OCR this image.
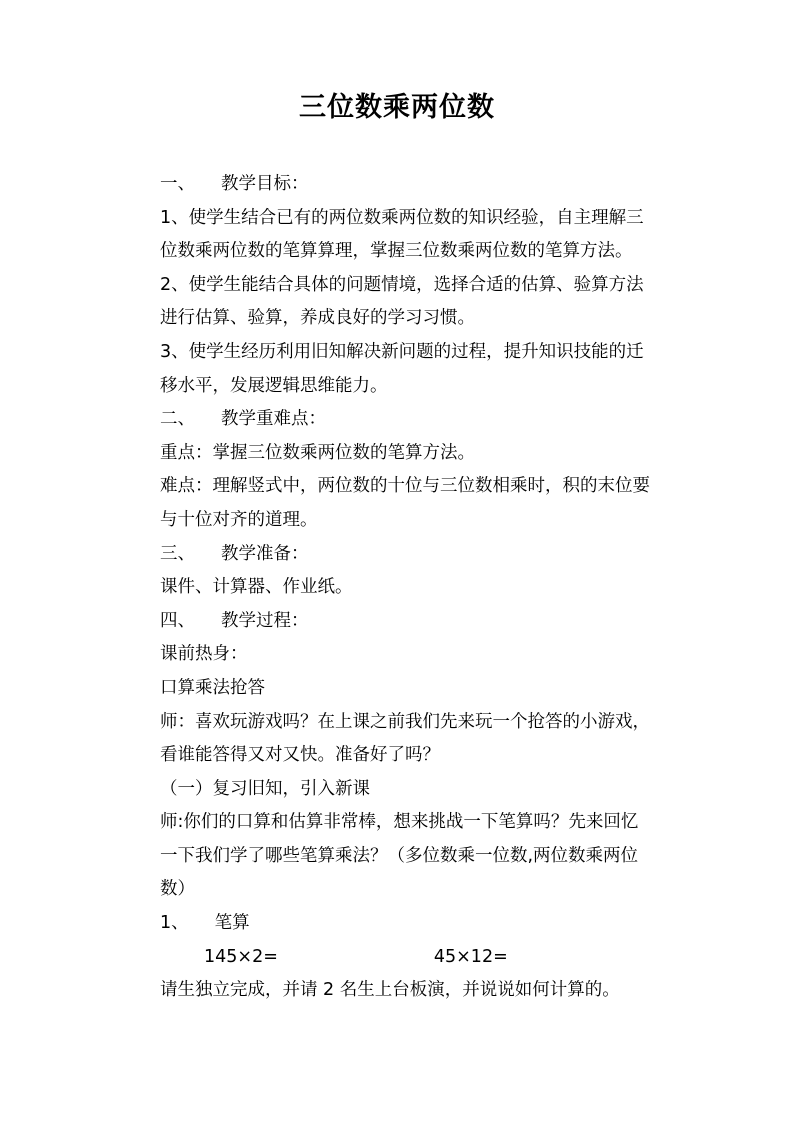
三位数乘两位数
一、 教学目标：
1、使学生结合已有的两位数乘两位数的知识经验，自主理解三
位数乘两位数的笔算算理，掌握三位数乘两位数的笔算方法。
2、使学生能结合具体的问题情境，选择合适的估算、验算方法
进行估算、验算，养成良好的学习习惯。
3、使学生经历利用旧知解决新问题的过程，提升知识技能的迁
移水平，发展逻辑思维能力。
二、 教学重难点：
重点：掌握三位数乘两位数的笔算方法。
难点：理解竖式中，两位数的十位与三位数相乘时，积的末位要
与十位对齐的道理。
三、 教学准备：
课件、计算器、作业纸。
四、 教学过程：
课前热身：
口算乘法抢答
师：喜欢玩游戏吗？在上课之前我们先来玩一个抢答的小游戏，
看谁能答得又对又快。准备好了吗？
（一）复习旧知，引入新课
师:你们的口算和估算非常棒，想来挑战一下笔算吗？先来回忆
一下我们学了哪些笔算乘法？（多位数乘一位数,两位数乘两位
数）
1、 笔算
145×2=	45×12=
请生独立完成，并请 2 名生上台板演，并说说如何计算的。
